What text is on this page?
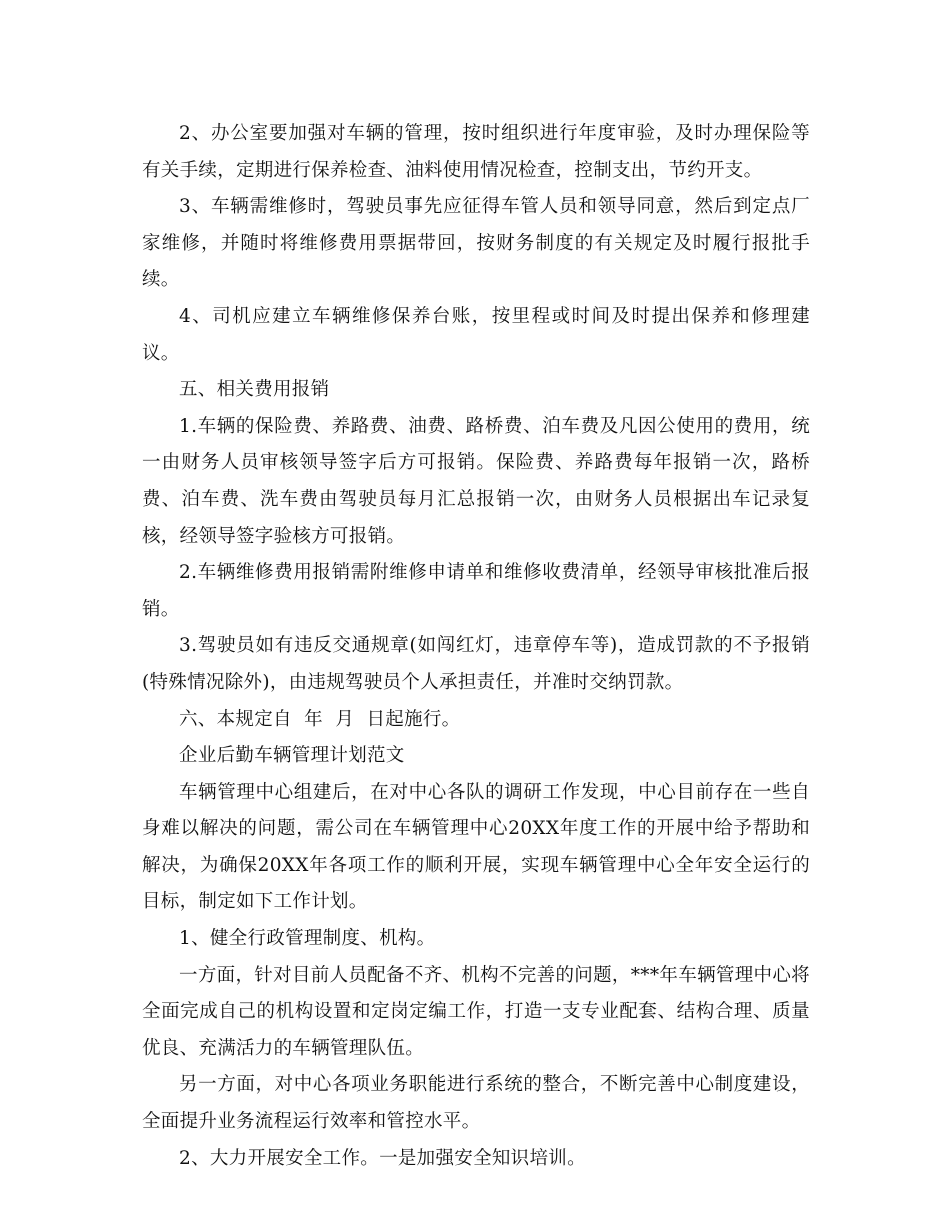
2、办公室要加强对车辆的管理，按时组织进行年度审验，及时办理保险等有关手续，定期进行保养检查、油料使用情况检查，控制支出，节约开支。

3、车辆需维修时，驾驶员事先应征得车管人员和领导同意，然后到定点厂家维修，并随时将维修费用票据带回，按财务制度的有关规定及时履行报批手续。

4、司机应建立车辆维修保养台账，按里程或时间及时提出保养和修理建议。

五、相关费用报销

1.车辆的保险费、养路费、油费、路桥费、泊车费及凡因公使用的费用，统一由财务人员审核领导签字后方可报销。保险费、养路费每年报销一次，路桥费、泊车费、洗车费由驾驶员每月汇总报销一次，由财务人员根据出车记录复核，经领导签字验核方可报销。

2.车辆维修费用报销需附维修申请单和维修收费清单，经领导审核批准后报销。

3.驾驶员如有违反交通规章(如闯红灯，违章停车等)，造成罚款的不予报销(特殊情况除外)，由违规驾驶员个人承担责任，并准时交纳罚款。

六、本规定自  年  月  日起施行。

企业后勤车辆管理计划范文

车辆管理中心组建后，在对中心各队的调研工作发现，中心目前存在一些自身难以解决的问题，需公司在车辆管理中心20XX年度工作的开展中给予帮助和解决，为确保20XX年各项工作的顺利开展，实现车辆管理中心全年安全运行的目标，制定如下工作计划。

1、健全行政管理制度、机构。

一方面，针对目前人员配备不齐、机构不完善的问题，***年车辆管理中心将全面完成自己的机构设置和定岗定编工作，打造一支专业配套、结构合理、质量优良、充满活力的车辆管理队伍。

另一方面，对中心各项业务职能进行系统的整合，不断完善中心制度建设，全面提升业务流程运行效率和管控水平。

2、大力开展安全工作。一是加强安全知识培训。
